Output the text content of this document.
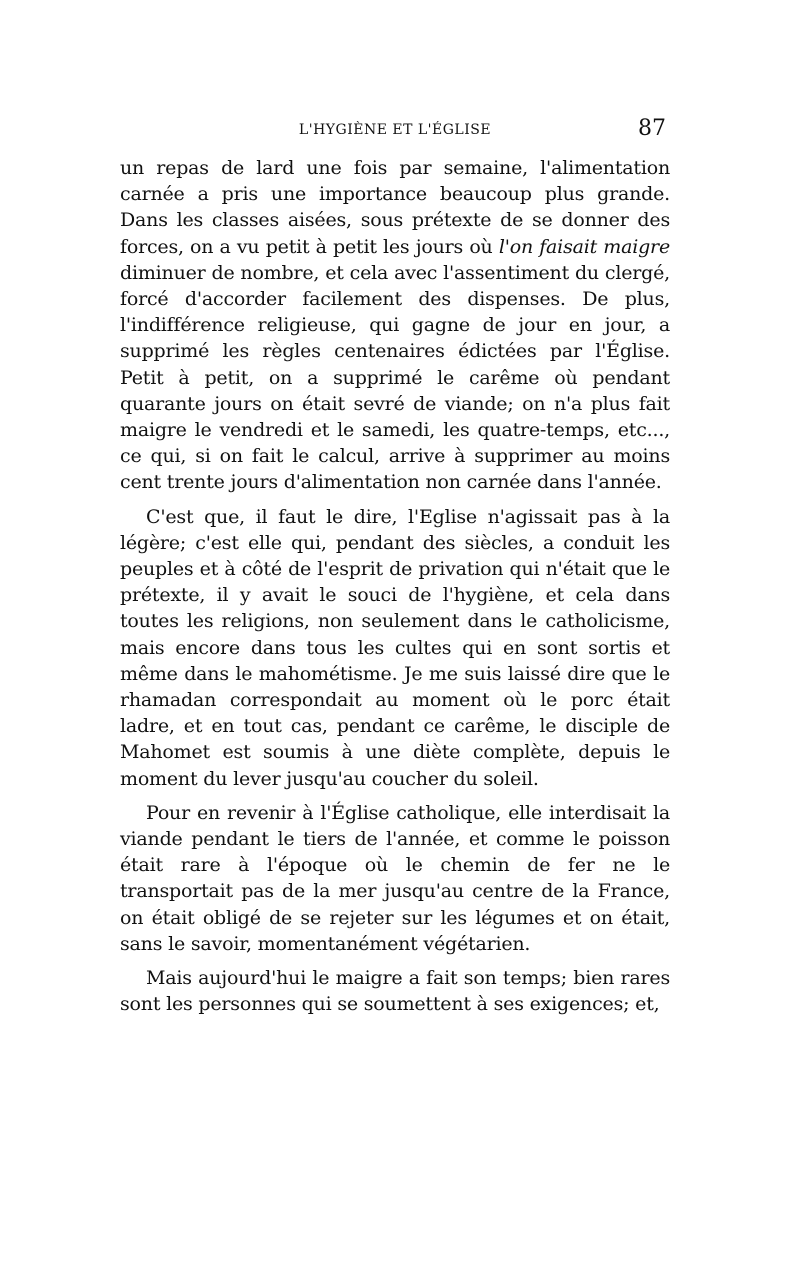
L'HYGIÈNE ET L'ÉGLISE	87

un repas de lard une fois par semaine, l'alimentation carnée a pris une importance beaucoup plus grande. Dans les classes aisées, sous prétexte de se donner des forces, on a vu petit à petit les jours où l'on faisait maigre diminuer de nombre, et cela avec l'assentiment du clergé, forcé d'accorder facilement des dispenses. De plus, l'indifférence religieuse, qui gagne de jour en jour, a supprimé les règles centenaires édictées par l'Église. Petit à petit, on a supprimé le carême où pendant quarante jours on était sevré de viande; on n'a plus fait maigre le vendredi et le samedi, les quatre-temps, etc..., ce qui, si on fait le calcul, arrive à supprimer au moins cent trente jours d'alimentation non carnée dans l'année.

C'est que, il faut le dire, l'Eglise n'agissait pas à la légère; c'est elle qui, pendant des siècles, a conduit les peuples et à côté de l'esprit de privation qui n'était que le prétexte, il y avait le souci de l'hygiène, et cela dans toutes les religions, non seulement dans le catholicisme, mais encore dans tous les cultes qui en sont sortis et même dans le mahométisme. Je me suis laissé dire que le rhamadan correspondait au moment où le porc était ladre, et en tout cas, pendant ce carême, le disciple de Mahomet est soumis à une diète complète, depuis le moment du lever jusqu'au coucher du soleil.

Pour en revenir à l'Église catholique, elle interdisait la viande pendant le tiers de l'année, et comme le poisson était rare à l'époque où le chemin de fer ne le transportait pas de la mer jusqu'au centre de la France, on était obligé de se rejeter sur les légumes et on était, sans le savoir, momentanément végétarien.

Mais aujourd'hui le maigre a fait son temps; bien rares sont les personnes qui se soumettent à ses exigences; et,
